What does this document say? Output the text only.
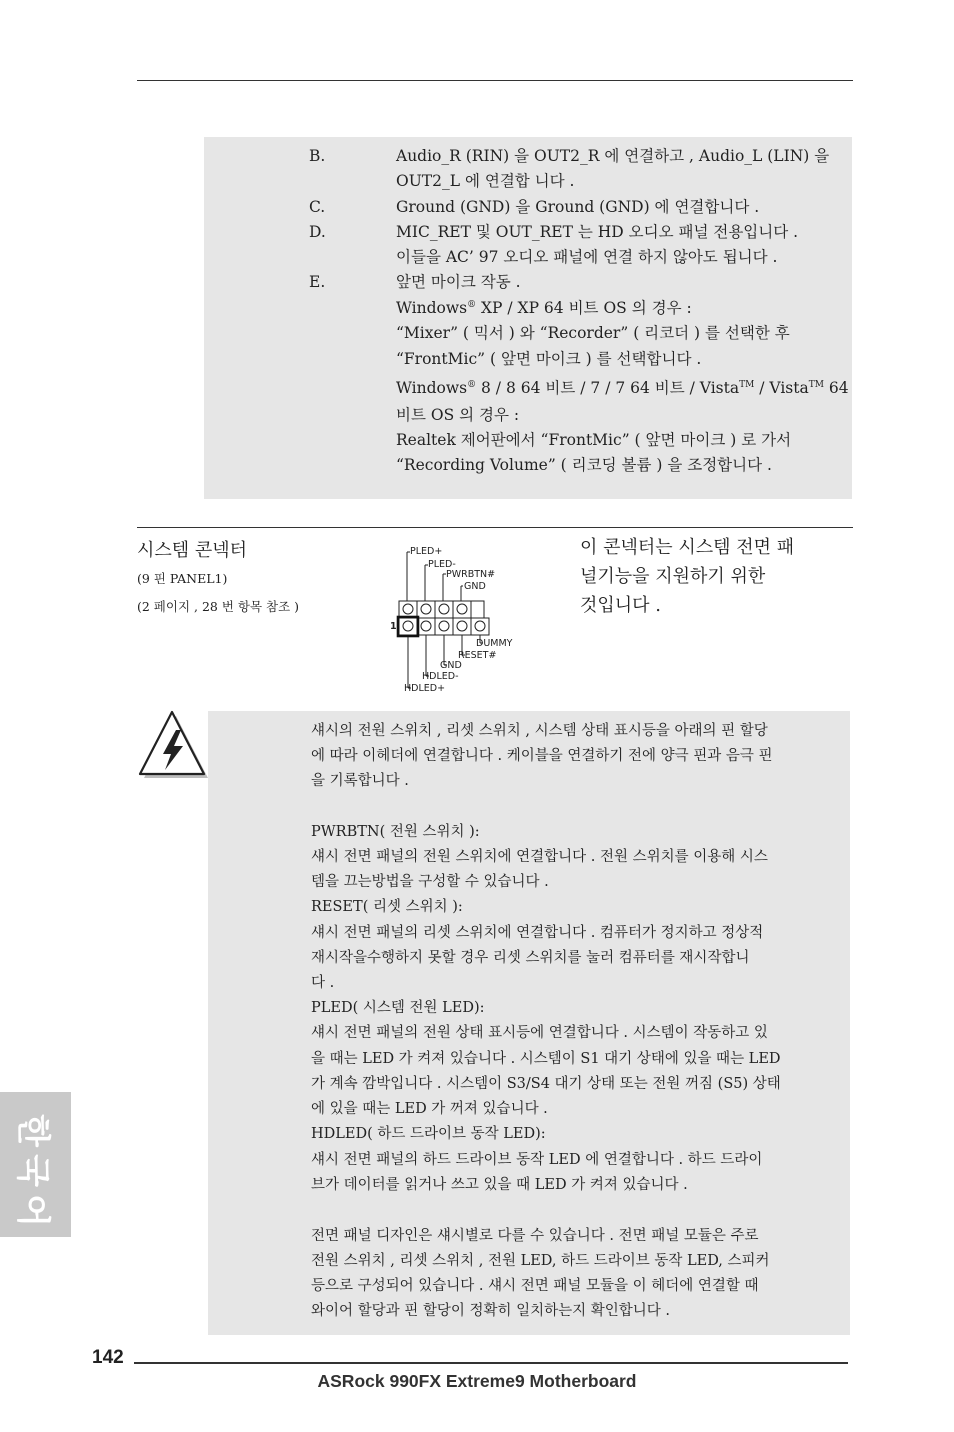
B.	Audio_R (RIN) 을 OUT2_R 에 연결하고 , Audio_L (LIN) 을
OUT2_L 에 연결합 니다 .
C.	Ground (GND) 을 Ground (GND) 에 연결합니다 .
D.	MIC_RET 및 OUT_RET 는 HD 오디오 패널 전용입니다 .
이들을 AC’ 97 오디오 패널에 연결 하지 않아도 됩니다 .
E.	앞면 마이크 작동 .
Windows® XP / XP 64 비트 OS 의 경우 :
“Mixer” ( 믹서 ) 와 “Recorder” ( 리코더 ) 를 선택한 후
“FrontMic” ( 앞면 마이크 ) 를 선택합니다 .
Windows® 8 / 8 64 비트 / 7 / 7 64 비트 / Vista™ / Vista™ 64
비트 OS 의 경우 :
Realtek 제어판에서 “FrontMic” ( 앞면 마이크 ) 로 가서
“Recording Volume” ( 리코딩 볼륨 ) 을 조정합니다 .
시스템 콘넥터
(9 핀 PANEL1)
(2 페이지 , 28 번 항목 참조 )
PLED+
PLED-
PWRBTN#
GND
1
DUMMY
RESET#
GND
HDLED-
HDLED+
이 콘넥터는 시스템 전면 패
널기능을 지원하기 위한
것입니다 .
섀시의 전원 스위치 , 리셋 스위치 , 시스템 상태 표시등을 아래의 핀 할당
에 따라 이헤더에 연결합니다 . 케이블을 연결하기 전에 양극 핀과 음극 핀
을 기록합니다 .
PWRBTN( 전원 스위치 ):
섀시 전면 패널의 전원 스위치에 연결합니다 . 전원 스위치를 이용해 시스
템을 끄는방법을 구성할 수 있습니다 .
RESET( 리셋 스위치 ):
섀시 전면 패널의 리셋 스위치에 연결합니다 . 컴퓨터가 정지하고 정상적
재시작을수행하지 못할 경우 리셋 스위치를 눌러 컴퓨터를 재시작합니
다 .
PLED( 시스템 전원 LED):
섀시 전면 패널의 전원 상태 표시등에 연결합니다 . 시스템이 작동하고 있
을 때는 LED 가 켜져 있습니다 . 시스템이 S1 대기 상태에 있을 때는 LED
가 계속 깜박입니다 . 시스템이 S3/S4 대기 상태 또는 전원 꺼짐 (S5) 상태
에 있을 때는 LED 가 꺼져 있습니다 .
HDLED( 하드 드라이브 동작 LED):
섀시 전면 패널의 하드 드라이브 동작 LED 에 연결합니다 . 하드 드라이
브가 데이터를 읽거나 쓰고 있을 때 LED 가 켜져 있습니다 .
전면 패널 디자인은 섀시별로 다를 수 있습니다 . 전면 패널 모듈은 주로
전원 스위치 , 리셋 스위치 , 전원 LED, 하드 드라이브 동작 LED, 스피커
등으로 구성되어 있습니다 . 섀시 전면 패널 모듈을 이 헤더에 연결할 때
와이어 할당과 핀 할당이 정확히 일치하는지 확인합니다 .
한
국
어
142
ASRock 990FX Extreme9 Motherboard
